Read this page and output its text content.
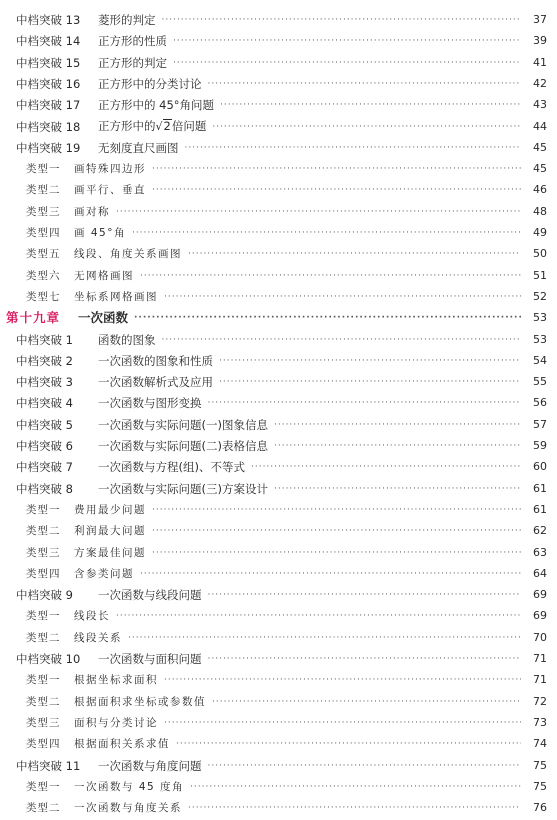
中档突破 13	菱形的判定 ·····	37
中档突破 14	正方形的性质 ·····	39
中档突破 15	正方形的判定 ·····	41
中档突破 16	正方形中的分类讨论 ·····	42
中档突破 17	正方形中的 45°角问题 ·····	43
中档突破 18	正方形中的√2倍问题 ·····	44
中档突破 19	无刻度直尺画图 ·····	45
类型一	画特殊四边形 ·····	45
类型二	画平行、垂直 ·····	46
类型三	画对称 ·····	48
类型四	画 45°角 ·····	49
类型五	线段、角度关系画图 ·····	50
类型六	无网格画图 ·····	51
类型七	坐标系网格画图 ·····	52
第十九章	一次函数 ·····	53
中档突破 1	函数的图象 ·····	53
中档突破 2	一次函数的图象和性质 ·····	54
中档突破 3	一次函数解析式及应用 ·····	55
中档突破 4	一次函数与图形变换 ·····	56
中档突破 5	一次函数与实际问题(一)图象信息 ·····	57
中档突破 6	一次函数与实际问题(二)表格信息 ·····	59
中档突破 7	一次函数与方程(组)、不等式 ·····	60
中档突破 8	一次函数与实际问题(三)方案设计 ·····	61
类型一	费用最少问题 ·····	61
类型二	利润最大问题 ·····	62
类型三	方案最佳问题 ·····	63
类型四	含参类问题 ·····	64
中档突破 9	一次函数与线段问题 ·····	69
类型一	线段长 ·····	69
类型二	线段关系 ·····	70
中档突破 10	一次函数与面积问题 ·····	71
类型一	根据坐标求面积 ·····	71
类型二	根据面积求坐标或参数值 ·····	72
类型三	面积与分类讨论 ·····	73
类型四	根据面积关系求值 ·····	74
中档突破 11	一次函数与角度问题 ·····	75
类型一	一次函数与 45 度角 ·····	75
类型二	一次函数与角度关系 ·····	76
